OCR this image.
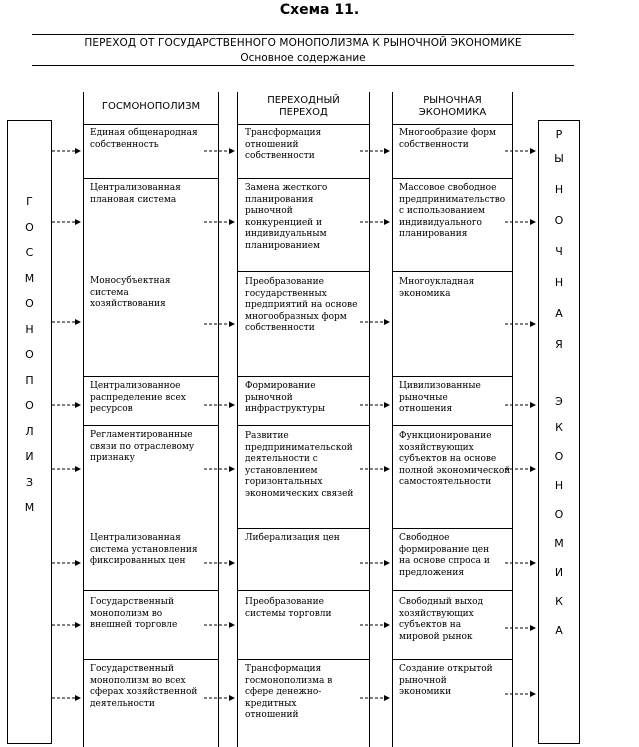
Схема 11.
ПЕРЕХОД ОТ ГОСУДАРСТВЕННОГО МОНОПОЛИЗМА К РЫНОЧНОЙ ЭКОНОМИКЕ
Основное содержание
Г
О
С
М
О
Н
О
П
О
Л
И
З
М
Р
Ы
Н
О
Ч
Н
А
Я
Э
К
О
Н
О
М
И
К
А
ГОСМОНОПОЛИЗМ
ПЕРЕХОДНЫЙ
ПЕРЕХОД
РЫНОЧНАЯ
ЭКОНОМИКА
Единая общенародная собственность
Централизованная плановая система
Моносубъектная система хозяйствования
Централизованное распределение всех ресурсов
Регламентированные связи по отраслевому признаку
Централизованная система установления фиксированных цен
Государственный монополизм во внешней торговле
Государственный монополизм во всех сферах хозяйственной деятельности
Трансформация отношений собственности
Замена жесткого планирования рыночной конкуренцией и индивидуальным планированием
Преобразование государственных предприятий на основе многообразных форм собственности
Формирование рыночной инфраструктуры
Развитие предпринимательской деятельности с установлением горизонтальных экономических связей
Либерализация цен
Преобразование системы торговли
Трансформация госмонополизма в сфере денежно-кредитных отношений
Многообразие форм собственности
Массовое свободное предпринимательство с использованием индивидуального планирования
Многоукладная экономика
Цивилизованные рыночные отношения
Функционирование хозяйствующих субъектов на основе полной экономической самостоятельности
Свободное формирование цен на основе спроса и предложения
Свободный выход хозяйствующих субъектов на мировой рынок
Создание открытой рыночной экономики
